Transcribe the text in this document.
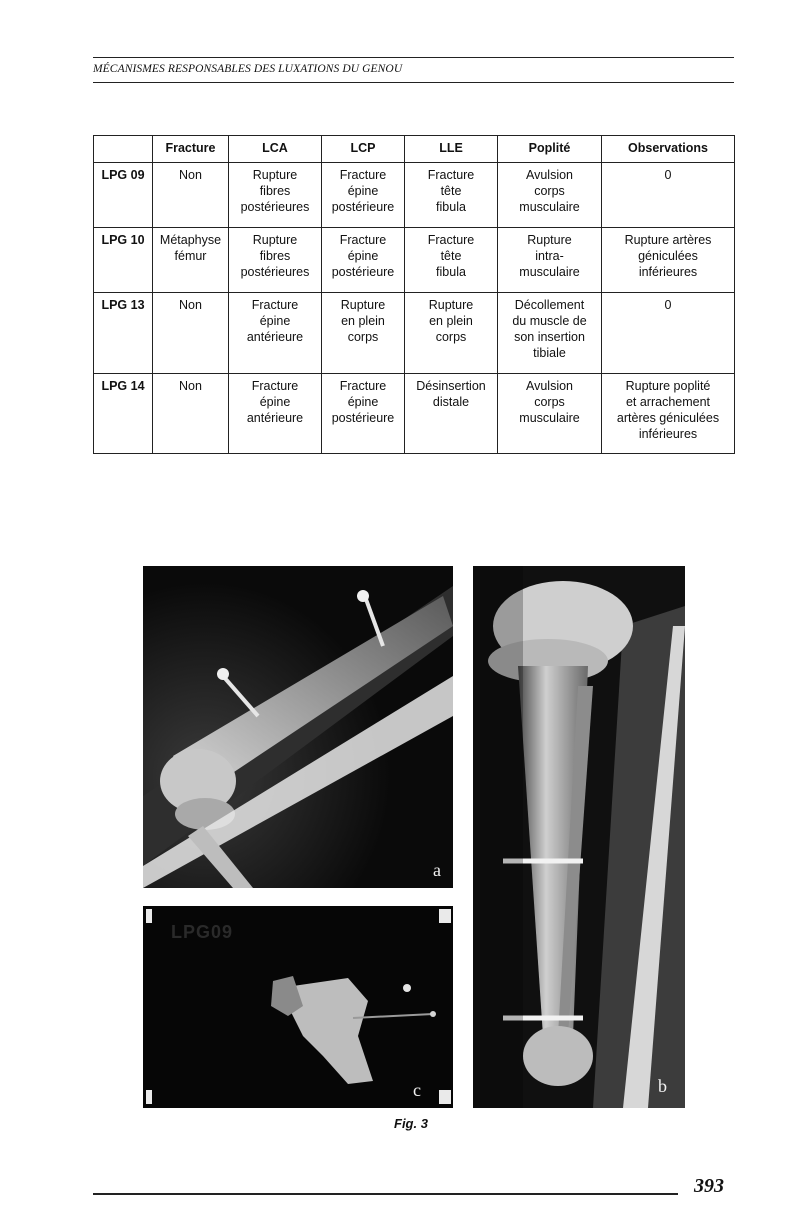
MÉCANISMES RESPONSABLES DES LUXATIONS DU GENOU
	Fracture	LCA	LCP	LLE	Poplité	Observations
LPG 09	Non	Rupture
fibres
postérieures	Fracture
épine
postérieure	Fracture
tête
fibula	Avulsion
corps
musculaire	0
LPG 10	Métaphyse
fémur	Rupture
fibres
postérieures	Fracture
épine
postérieure	Fracture
tête
fibula	Rupture
intra-
musculaire	Rupture artères
géniculées
inférieures
LPG 13	Non	Fracture
épine
antérieure	Rupture
en plein
corps	Rupture
en plein
corps	Décollement
du muscle de
son insertion
tibiale	0
LPG 14	Non	Fracture
épine
antérieure	Fracture
épine
postérieure	Désinsertion
distale	Avulsion
corps
musculaire	Rupture poplité
et arrachement
artères géniculées
inférieures
a
b
LPG09
c
Fig. 3
393
